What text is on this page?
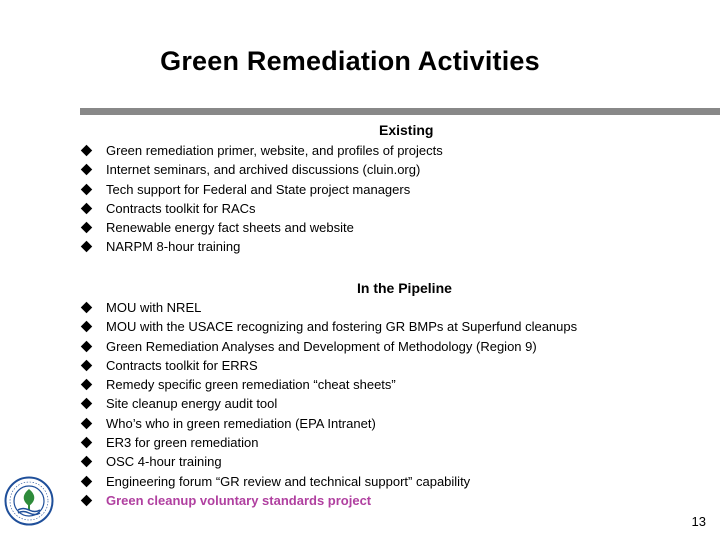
Green Remediation Activities
Existing
Green remediation primer, website, and profiles of projects
Internet seminars, and archived discussions (cluin.org)
Tech support for Federal and State project managers
Contracts toolkit for RACs
Renewable energy fact sheets and website
NARPM 8-hour training
In the Pipeline
MOU with NREL
MOU with the USACE recognizing and fostering GR BMPs at Superfund cleanups
Green Remediation Analyses and Development of Methodology (Region 9)
Contracts toolkit for ERRS
Remedy specific green remediation “cheat sheets”
Site cleanup energy audit tool
Who’s who in green remediation (EPA Intranet)
ER3 for green remediation
OSC 4-hour training
Engineering forum “GR review and technical support” capability
Green cleanup voluntary standards project
13
